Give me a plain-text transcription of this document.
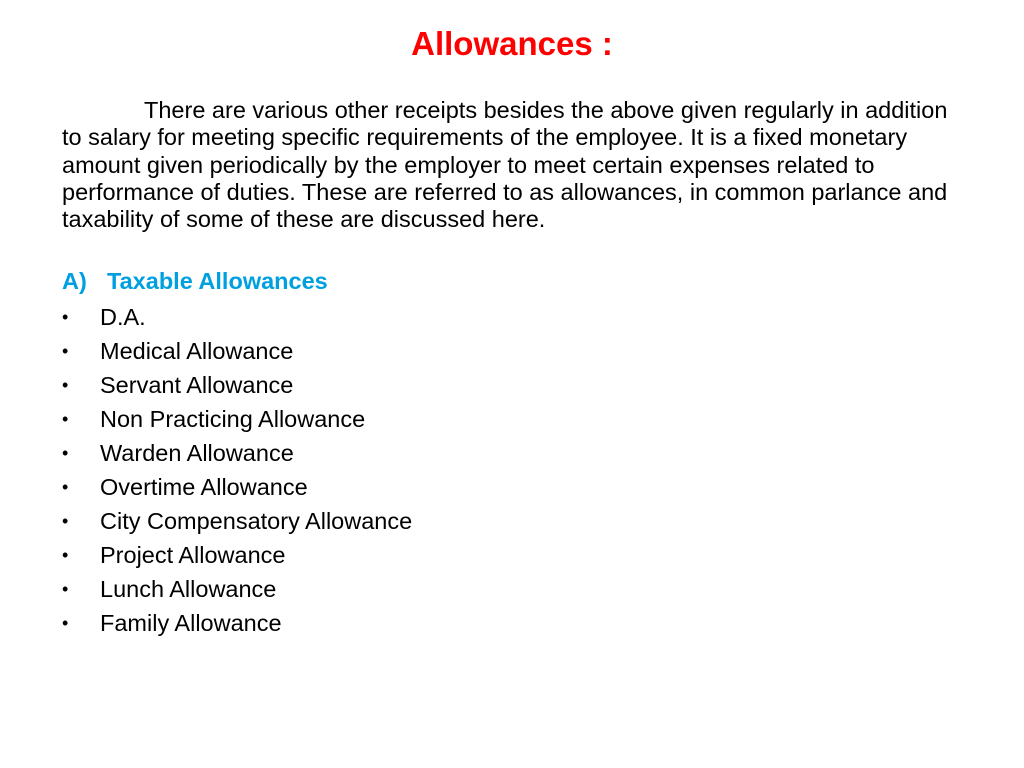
Allowances :

There are various other receipts besides the above given regularly in addition to salary for meeting specific requirements of the employee. It is a fixed monetary amount given periodically by the employer to meet certain expenses related to performance of duties. These are referred to as allowances, in common parlance and taxability of some of these are discussed here.

A) Taxable Allowances
• D.A.
• Medical Allowance
• Servant Allowance
• Non Practicing Allowance
• Warden Allowance
• Overtime Allowance
• City Compensatory Allowance
• Project Allowance
• Lunch Allowance
• Family Allowance
